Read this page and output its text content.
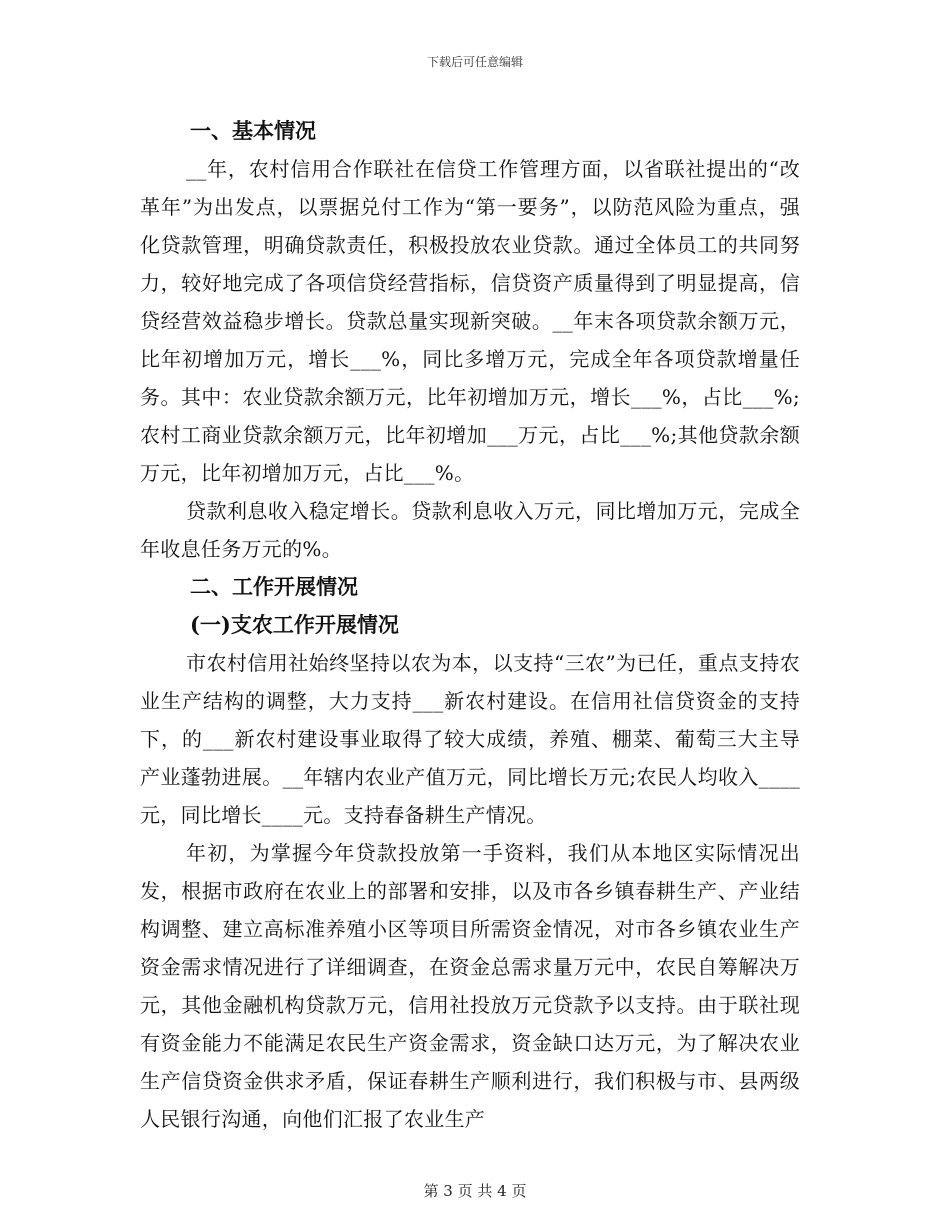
下载后可任意编辑

一、基本情况

__年，农村信用合作联社在信贷工作管理方面，以省联社提出的“改革年”为出发点，以票据兑付工作为“第一要务”，以防范风险为重点，强化贷款管理，明确贷款责任，积极投放农业贷款。通过全体员工的共同努力，较好地完成了各项信贷经营指标，信贷资产质量得到了明显提高，信贷经营效益稳步增长。贷款总量实现新突破。__年末各项贷款余额万元，比年初增加万元，增长___%，同比多增万元，完成全年各项贷款增量任务。其中：农业贷款余额万元，比年初增加万元，增长___%，占比___%;农村工商业贷款余额万元，比年初增加___万元，占比___%;其他贷款余额万元，比年初增加万元，占比___%。

贷款利息收入稳定增长。贷款利息收入万元，同比增加万元，完成全年收息任务万元的%。

二、工作开展情况

(一)支农工作开展情况

市农村信用社始终坚持以农为本，以支持“三农”为已任，重点支持农业生产结构的调整，大力支持___新农村建设。在信用社信贷资金的支持下，的___新农村建设事业取得了较大成绩，养殖、棚菜、葡萄三大主导产业蓬勃进展。__年辖内农业产值万元，同比增长万元;农民人均收入____元，同比增长____元。支持春备耕生产情况。

年初，为掌握今年贷款投放第一手资料，我们从本地区实际情况出发，根据市政府在农业上的部署和安排，以及市各乡镇春耕生产、产业结构调整、建立高标准养殖小区等项目所需资金情况，对市各乡镇农业生产资金需求情况进行了详细调查，在资金总需求量万元中，农民自筹解决万元，其他金融机构贷款万元，信用社投放万元贷款予以支持。由于联社现有资金能力不能满足农民生产资金需求，资金缺口达万元，为了解决农业生产信贷资金供求矛盾，保证春耕生产顺利进行，我们积极与市、县两级人民银行沟通，向他们汇报了农业生产

第 3 页 共 4 页
